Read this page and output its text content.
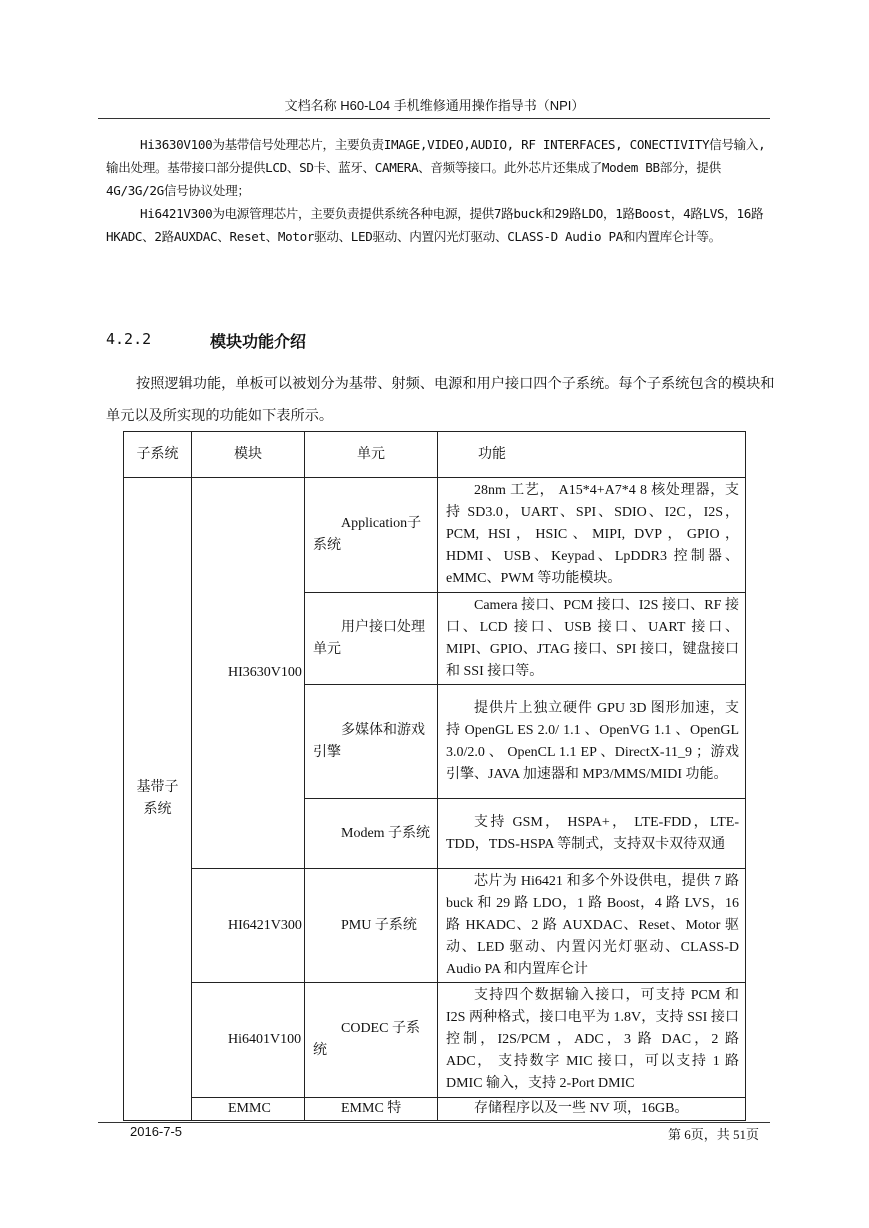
文档名称 H60-L04 手机维修通用操作指导书（NPI）

Hi3630V100为基带信号处理芯片，主要负责IMAGE,VIDEO,AUDIO, RF INTERFACES, CONECTIVITY信号输入,输出处理。基带接口部分提供LCD、SD卡、蓝牙、CAMERA、音频等接口。此外芯片还集成了Modem BB部分，提供4G/3G/2G信号协议处理；

Hi6421V300为电源管理芯片，主要负责提供系统各种电源，提供7路buck和29路LDO，1路Boost，4路LVS，16路 HKADC、2路AUXDAC、Reset、Motor驱动、LED驱动、内置闪光灯驱动、CLASS-D Audio PA和内置库仑计等。

4.2.2	模块功能介绍

按照逻辑功能，单板可以被划分为基带、射频、电源和用户接口四个子系统。每个子系统包含的模块和单元以及所实现的功能如下表所示。

子系统	模块	单元	功能
基带子系统	HI3630V100	Application子系统	28nm 工艺， A15*4+A7*4 8 核处理器，支持 SD3.0，UART、SPI、SDIO、I2C，I2S，PCM, HSI，HSIC、MIPI, DVP，GPIO，HDMI、USB、Keypad、LpDDR3 控制器、eMMC、PWM 等功能模块。

		用户接口处理单元	Camera 接口、PCM 接口、I2S 接口、RF 接口、LCD 接口、USB 接口、UART 接口、MIPI、GPIO、JTAG 接口、SPI 接口，键盘接口和 SSI 接口等。

		多媒体和游戏引擎	提供片上独立硬件 GPU 3D 图形加速，支持 OpenGL ES 2.0/ 1.1 、OpenVG 1.1 、OpenGL 3.0/2.0 、 OpenCL 1.1 EP 、DirectX-11_9 ；游戏引擎、JAVA 加速器和 MP3/MMS/MIDI 功能。

		Modem 子系统	支持 GSM， HSPA+， LTE-FDD，LTE-TDD，TDS-HSPA 等制式，支持双卡双待双通

	HI6421V300	PMU 子系统	芯片为 Hi6421 和多个外设供电，提供 7 路 buck 和 29 路 LDO，1 路 Boost，4 路 LVS，16 路 HKADC、2 路 AUXDAC、Reset、Motor 驱动、LED 驱动、内置闪光灯驱动、CLASS-D Audio PA 和内置库仑计

	Hi6401V100	CODEC 子系统	支持四个数据输入接口，可支持 PCM 和 I2S 两种格式，接口电平为 1.8V，支持 SSI 接口控制，I2S/PCM ，ADC，3 路 DAC，2 路 ADC， 支持数字 MIC 接口，可以支持 1 路 DMIC 输入，支持 2-Port DMIC

	EMMC	EMMC 特	存储程序以及一些 NV 项，16GB。
2016-7-5	第 6页，共 51页
